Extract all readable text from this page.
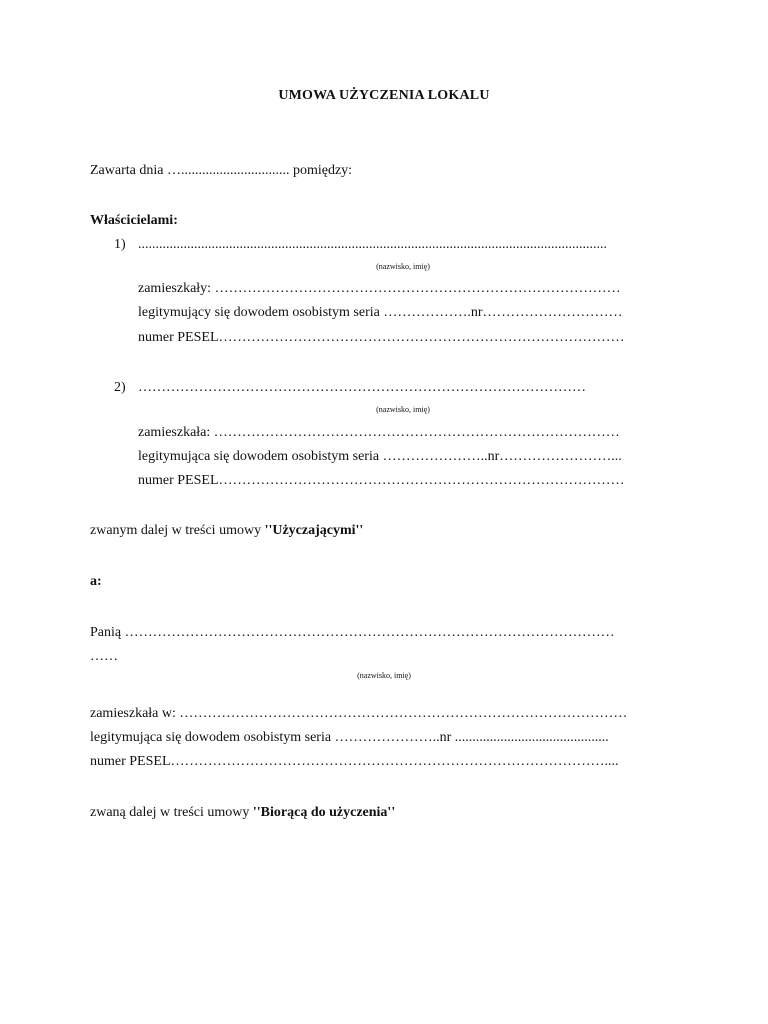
UMOWA UŻYCZENIA LOKALU
Zawarta dnia …............................... pomiędzy:
Właścicielami:
1) ......................................................................................................................................
(nazwisko, imię)
zamieszkały: ……………………………………………………………………………
legitymujący się dowodem osobistym seria ……………….nr…………………………
numer PESEL……………………………………………………………………………
2) ……………………………………………………………………………………
(nazwisko, imię)
zamieszkała: ……………………………………………………………………………
legitymująca się dowodem osobistym seria …………………..nr……………………...
numer PESEL……………………………………………………………………………
zwanym dalej w treści umowy ''Użyczającymi''
a:
Panią ……………………………………………………………………………………………
……
(nazwisko, imię)
zamieszkała w: ……………………………………………………………………………………
legitymująca się dowodem osobistym seria …………………..nr ............................................
numer PESEL…………………………………………………………………………………....
zwaną dalej w treści umowy ''Biorącą do użyczenia''
